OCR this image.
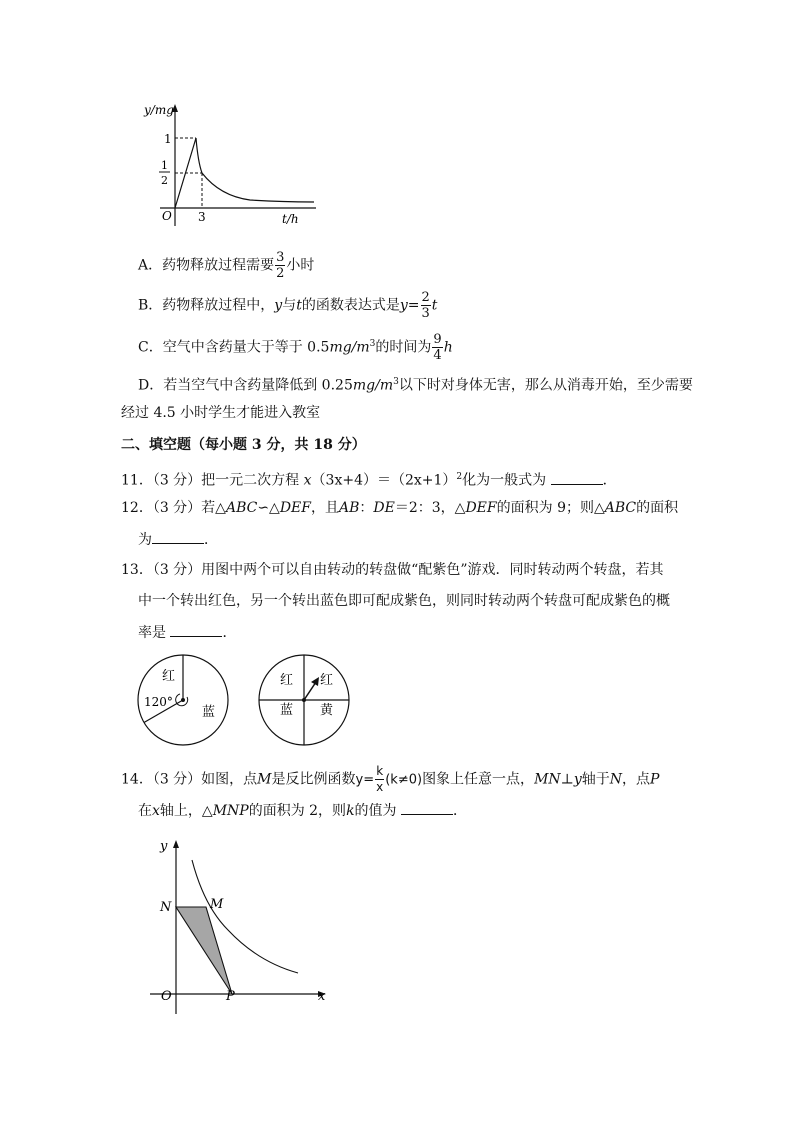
y/mg
1
1
2
O 3	t/h
A．药物释放过程需要 $\frac{3}{2}$ 小时
B．药物释放过程中，y与t的函数表达式是$y= \frac{2}{3}$ t
C．空气中含药量大于等于 $0.5mg/m^3$的时间为 $\frac{9}{4}$ h
D．若当空气中含药量降低到 $0.25mg/m^3$以下时对身体无害，那么从消毒开始，至少需要
经过 4.5 小时学生才能进入教室
二、填空题（每小题 3 分，共 18 分）
11．（3 分）把一元二次方程 $x(3x+4)=(2x+1)^2$化为一般式为	．
12．（3 分）若△ABC∽△DEF，且AB：DE＝2：3，△DEF的面积为 9；则△ABC的面积
为	．
13．（3 分）用图中两个可以自由转动的转盘做“配紫色”游戏．同时转动两个转盘，若其
中一个转出红色，另一个转出蓝色即可配成紫色，则同时转动两个转盘可配成紫色的概
率是	．
红
120°
蓝
红 红
蓝 黄
14．（3 分）如图，点M是反比例函数$y= \frac{k}{x} (k\ne 0)$图象上任意一点，MN⊥y轴于N，点P
在x轴上，△MNP的面积为 2，则k的值为	．
y
x
O
N	M
P
